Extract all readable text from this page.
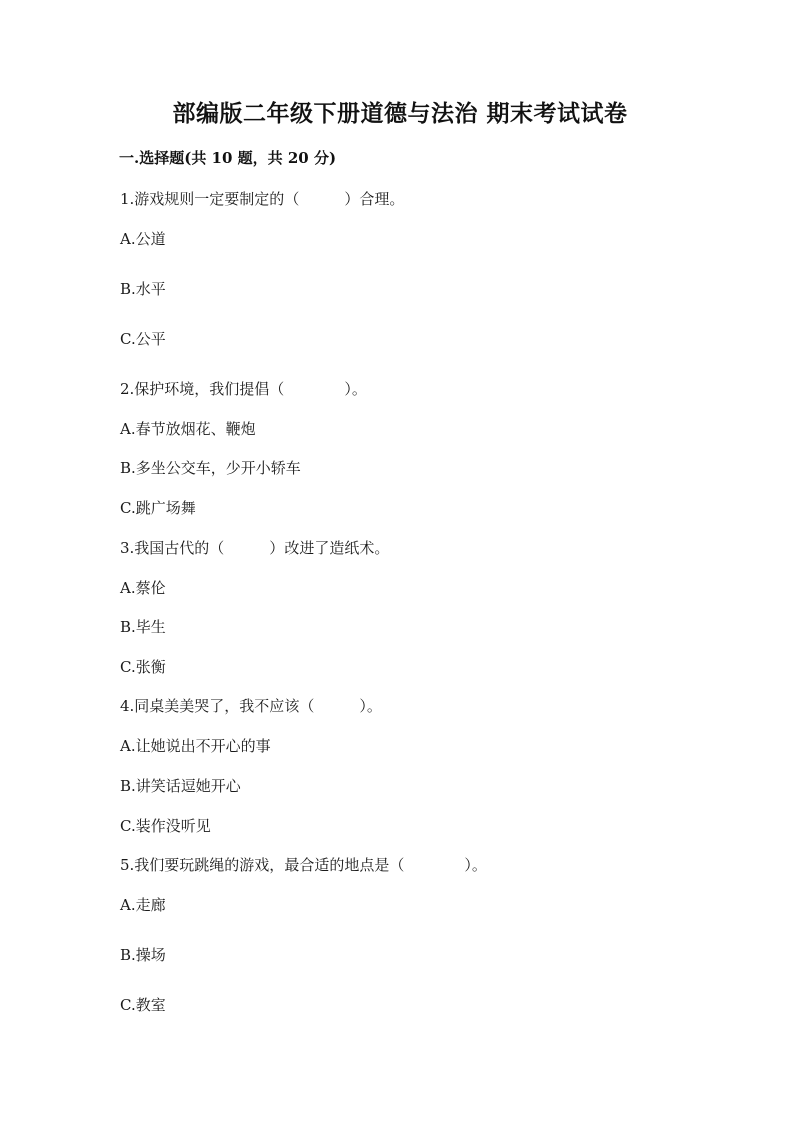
部编版二年级下册道德与法治 期末考试试卷
一.选择题(共 10 题，共 20 分)
1.游戏规则一定要制定的（　　　）合理。
A.公道
B.水平
C.公平
2.保护环境，我们提倡（　　　　）。
A.春节放烟花、鞭炮
B.多坐公交车，少开小轿车
C.跳广场舞
3.我国古代的（　　　）改进了造纸术。
A.蔡伦
B.毕生
C.张衡
4.同桌美美哭了，我不应该（　　　）。
A.让她说出不开心的事
B.讲笑话逗她开心
C.装作没听见
5.我们要玩跳绳的游戏，最合适的地点是（　　　　）。
A.走廊
B.操场
C.教室
